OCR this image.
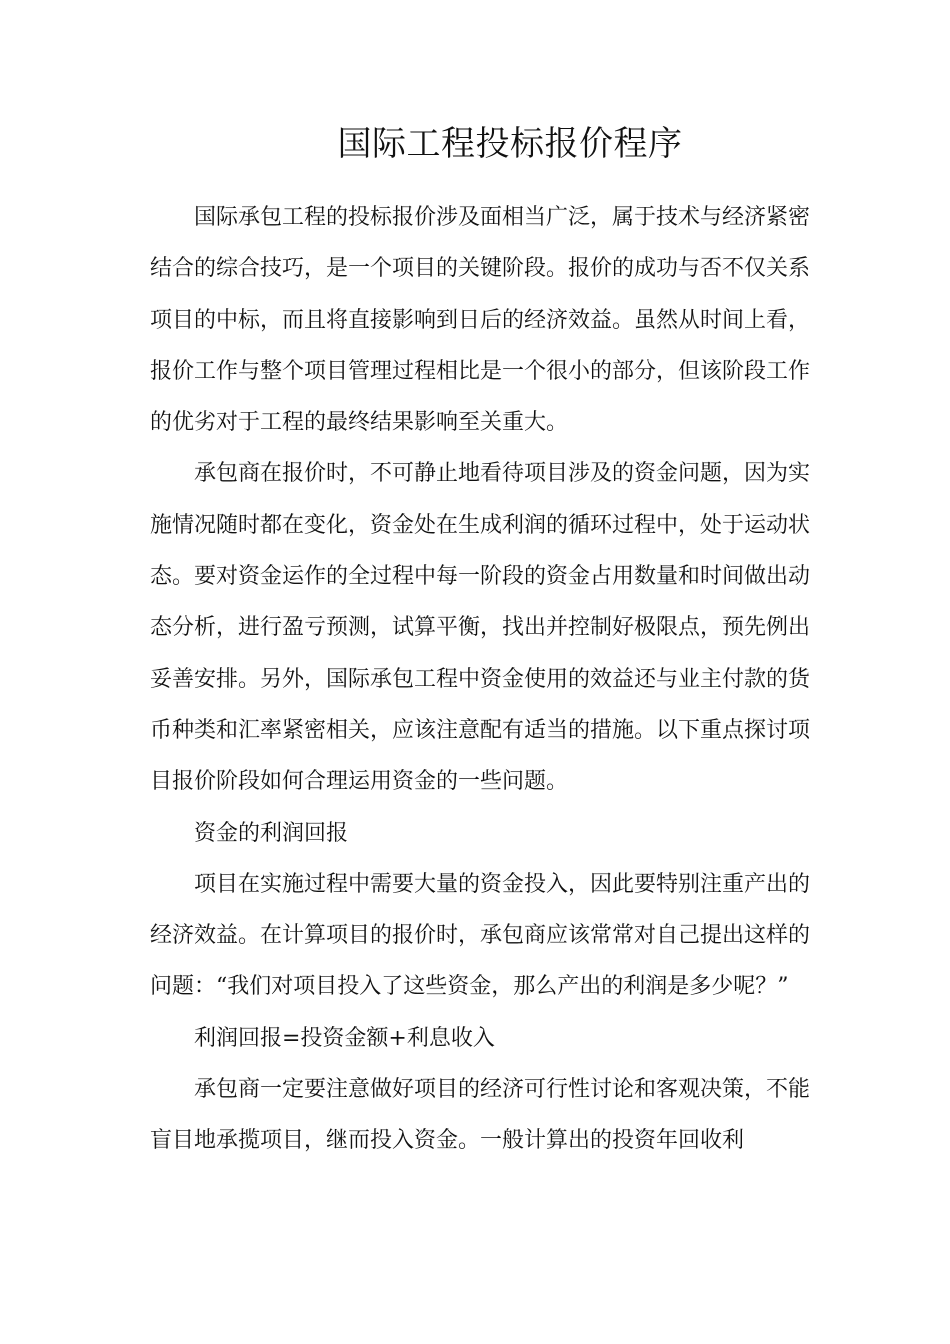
国际工程投标报价程序

国际承包工程的投标报价涉及面相当广泛，属于技术与经济紧密结合的综合技巧，是一个项目的关键阶段。报价的成功与否不仅关系项目的中标，而且将直接影响到日后的经济效益。虽然从时间上看，报价工作与整个项目管理过程相比是一个很小的部分，但该阶段工作的优劣对于工程的最终结果影响至关重大。

承包商在报价时，不可静止地看待项目涉及的资金问题，因为实施情况随时都在变化，资金处在生成利润的循环过程中，处于运动状态。要对资金运作的全过程中每一阶段的资金占用数量和时间做出动态分析，进行盈亏预测，试算平衡，找出并控制好极限点，预先例出妥善安排。另外，国际承包工程中资金使用的效益还与业主付款的货币种类和汇率紧密相关，应该注意配有适当的措施。以下重点探讨项目报价阶段如何合理运用资金的一些问题。

资金的利润回报

项目在实施过程中需要大量的资金投入，因此要特别注重产出的经济效益。在计算项目的报价时，承包商应该常常对自己提出这样的问题：“我们对项目投入了这些资金，那么产出的利润是多少呢？”

利润回报=投资金额+利息收入

承包商一定要注意做好项目的经济可行性讨论和客观决策，不能盲目地承揽项目，继而投入资金。一般计算出的投资年回收利
